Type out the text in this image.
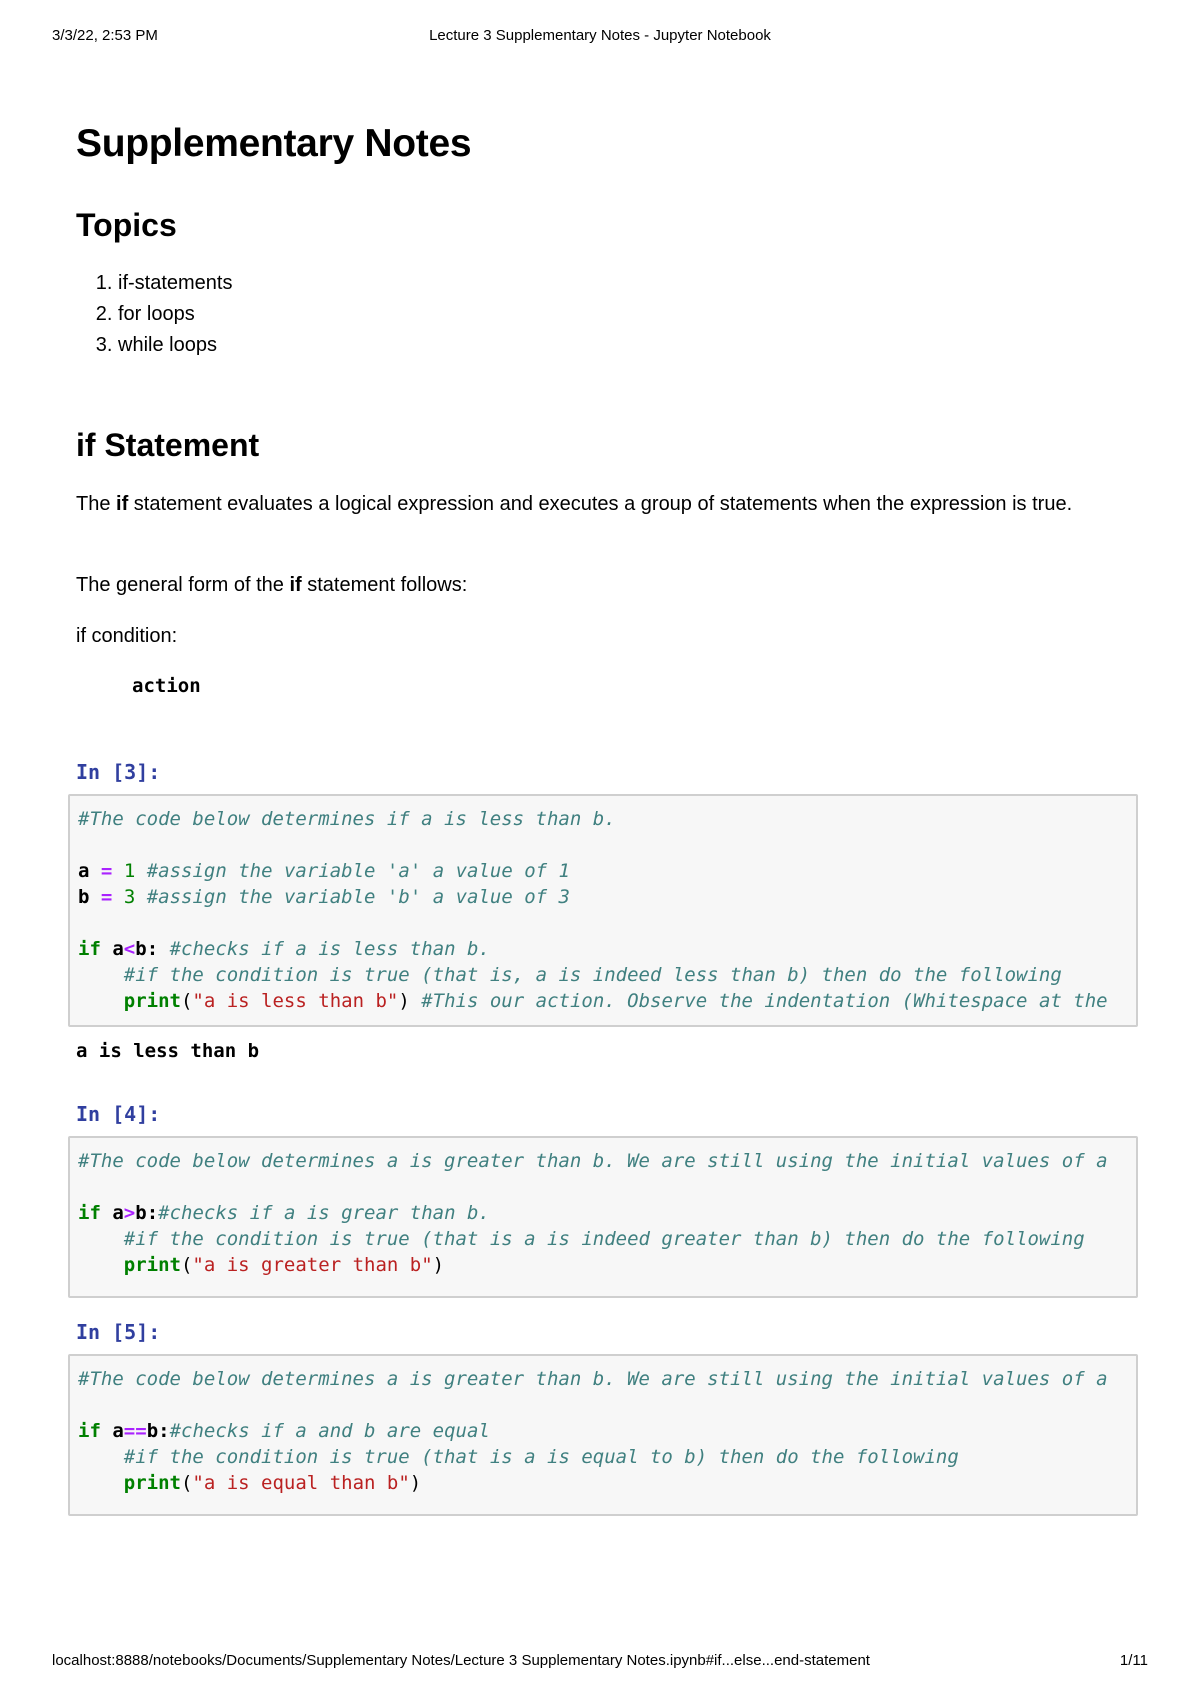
3/3/22, 2:53 PM	Lecture 3 Supplementary Notes - Jupyter Notebook
Supplementary Notes
Topics
1. if-statements
2. for loops
3. while loops
if Statement

The if statement evaluates a logical expression and executes a group of statements when the expression is true.

The general form of the if statement follows:

if condition:

action
In [3]:
#The code below determines if a is less than b.

a = 1 #assign the variable 'a' a value of 1
b = 3 #assign the variable 'b' a value of 3

if a<b: #checks if a is less than b.
#if the condition is true (that is, a is indeed less than b) then do the following
print("a is less than b") #This our action. Observe the indentation (Whitespace at the
a is less than b
In [4]:
#The code below determines a is greater than b. We are still using the initial values of a

if a>b:#checks if a is grear than b.
#if the condition is true (that is a is indeed greater than b) then do the following
print("a is greater than b")
In [5]:
#The code below determines a is greater than b. We are still using the initial values of a

if a==b:#checks if a and b are equal
#if the condition is true (that is a is equal to b) then do the following
print("a is equal than b")
localhost:8888/notebooks/Documents/Supplementary Notes/Lecture 3 Supplementary Notes.ipynb#if...else...end-statement	1/11
